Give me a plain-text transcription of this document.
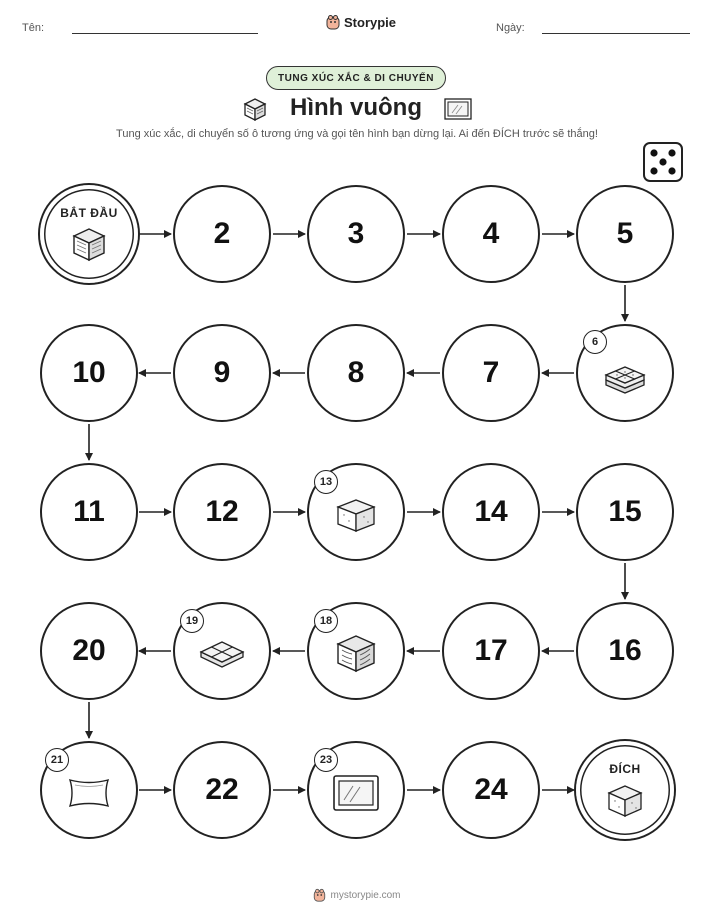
Tên:	Storypie	Ngày:
TUNG XÚC XẮC & DI CHUYỂN
Hình vuông
Tung xúc xắc, di chuyển số ô tương ứng và gọi tên hình bạn dừng lại. Ai đến ĐÍCH trước sẽ thắng!
BẮT ĐẦU
2	3	4	5
10	9	8	7
6
11	12
13
14	15
20
19	18
17	16
21
22
23
24
ĐÍCH
mystorypie.com
